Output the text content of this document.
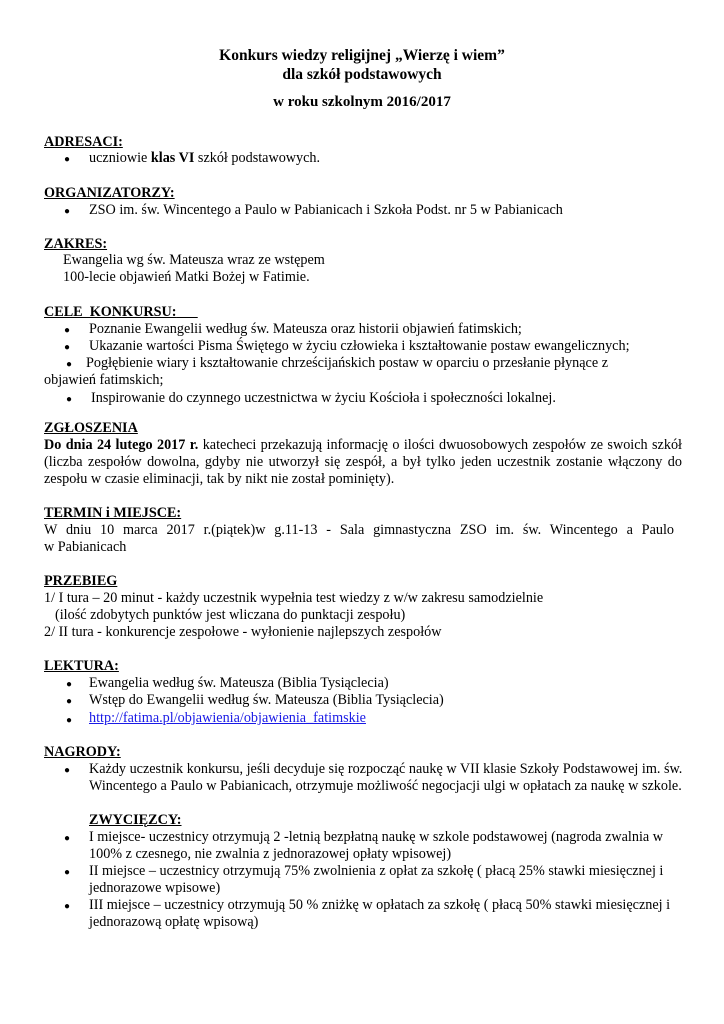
Konkurs wiedzy religijnej „Wierzę i wiem”
dla szkół podstawowych
w roku szkolnym 2016/2017
ADRESACI:
● uczniowie klas VI szkół podstawowych.
ORGANIZATORZY:
● ZSO im. św. Wincentego a Paulo w Pabianicach i Szkoła Podst. nr 5 w Pabianicach
ZAKRES:
Ewangelia wg św. Mateusza wraz ze wstępem
100-lecie objawień Matki Bożej w Fatimie.
CELE  KONKURSU:
● Poznanie Ewangelii według św. Mateusza oraz historii objawień fatimskich;
● Ukazanie wartości Pisma Świętego w życiu człowieka i kształtowanie postaw ewangelicznych;
● Pogłębienie wiary i kształtowanie chrześcijańskich postaw w oparciu o przesłanie płynące z
objawień fatimskich;
● Inspirowanie do czynnego uczestnictwa w życiu Kościoła i społeczności lokalnej.
ZGŁOSZENIA
Do dnia 24 lutego 2017 r. katecheci przekazują informację o ilości dwuosobowych zespołów ze swoich szkół (liczba zespołów dowolna, gdyby nie utworzył się zespół, a był tylko jeden uczestnik zostanie włączony do zespołu w czasie eliminacji, tak by nikt nie został pominięty).
TERMIN i MIEJSCE:
W dniu 10 marca 2017 r.(piątek)w g.11-13 - Sala gimnastyczna ZSO im. św. Wincentego a Paulo
w Pabianicach
PRZEBIEG
1/ I tura – 20 minut - każdy uczestnik wypełnia test wiedzy z w/w zakresu samodzielnie
(ilość zdobytych punktów jest wliczana do punktacji zespołu)
2/ II tura - konkurencje zespołowe - wyłonienie najlepszych zespołów
LEKTURA:
● Ewangelia według św. Mateusza (Biblia Tysiąclecia)
● Wstęp do Ewangelii według św. Mateusza (Biblia Tysiąclecia)
● http://fatima.pl/objawienia/objawienia_fatimskie
NAGRODY:
● Każdy uczestnik konkursu, jeśli decyduje się rozpocząć naukę w VII klasie Szkoły Podstawowej im. św. Wincentego a Paulo w Pabianicach, otrzymuje możliwość negocjacji ulgi w opłatach za naukę w szkole.
ZWYCIĘZCY:
● I miejsce- uczestnicy otrzymują 2 -letnią bezpłatną naukę w szkole podstawowej (nagroda zwalnia w 100% z czesnego, nie zwalnia z jednorazowej opłaty wpisowej)
● II miejsce – uczestnicy otrzymują 75% zwolnienia z opłat za szkołę ( płacą 25% stawki miesięcznej i jednorazowe wpisowe)
● III miejsce – uczestnicy otrzymują 50 % zniżkę w opłatach za szkołę ( płacą 50% stawki miesięcznej i jednorazową opłatę wpisową)
